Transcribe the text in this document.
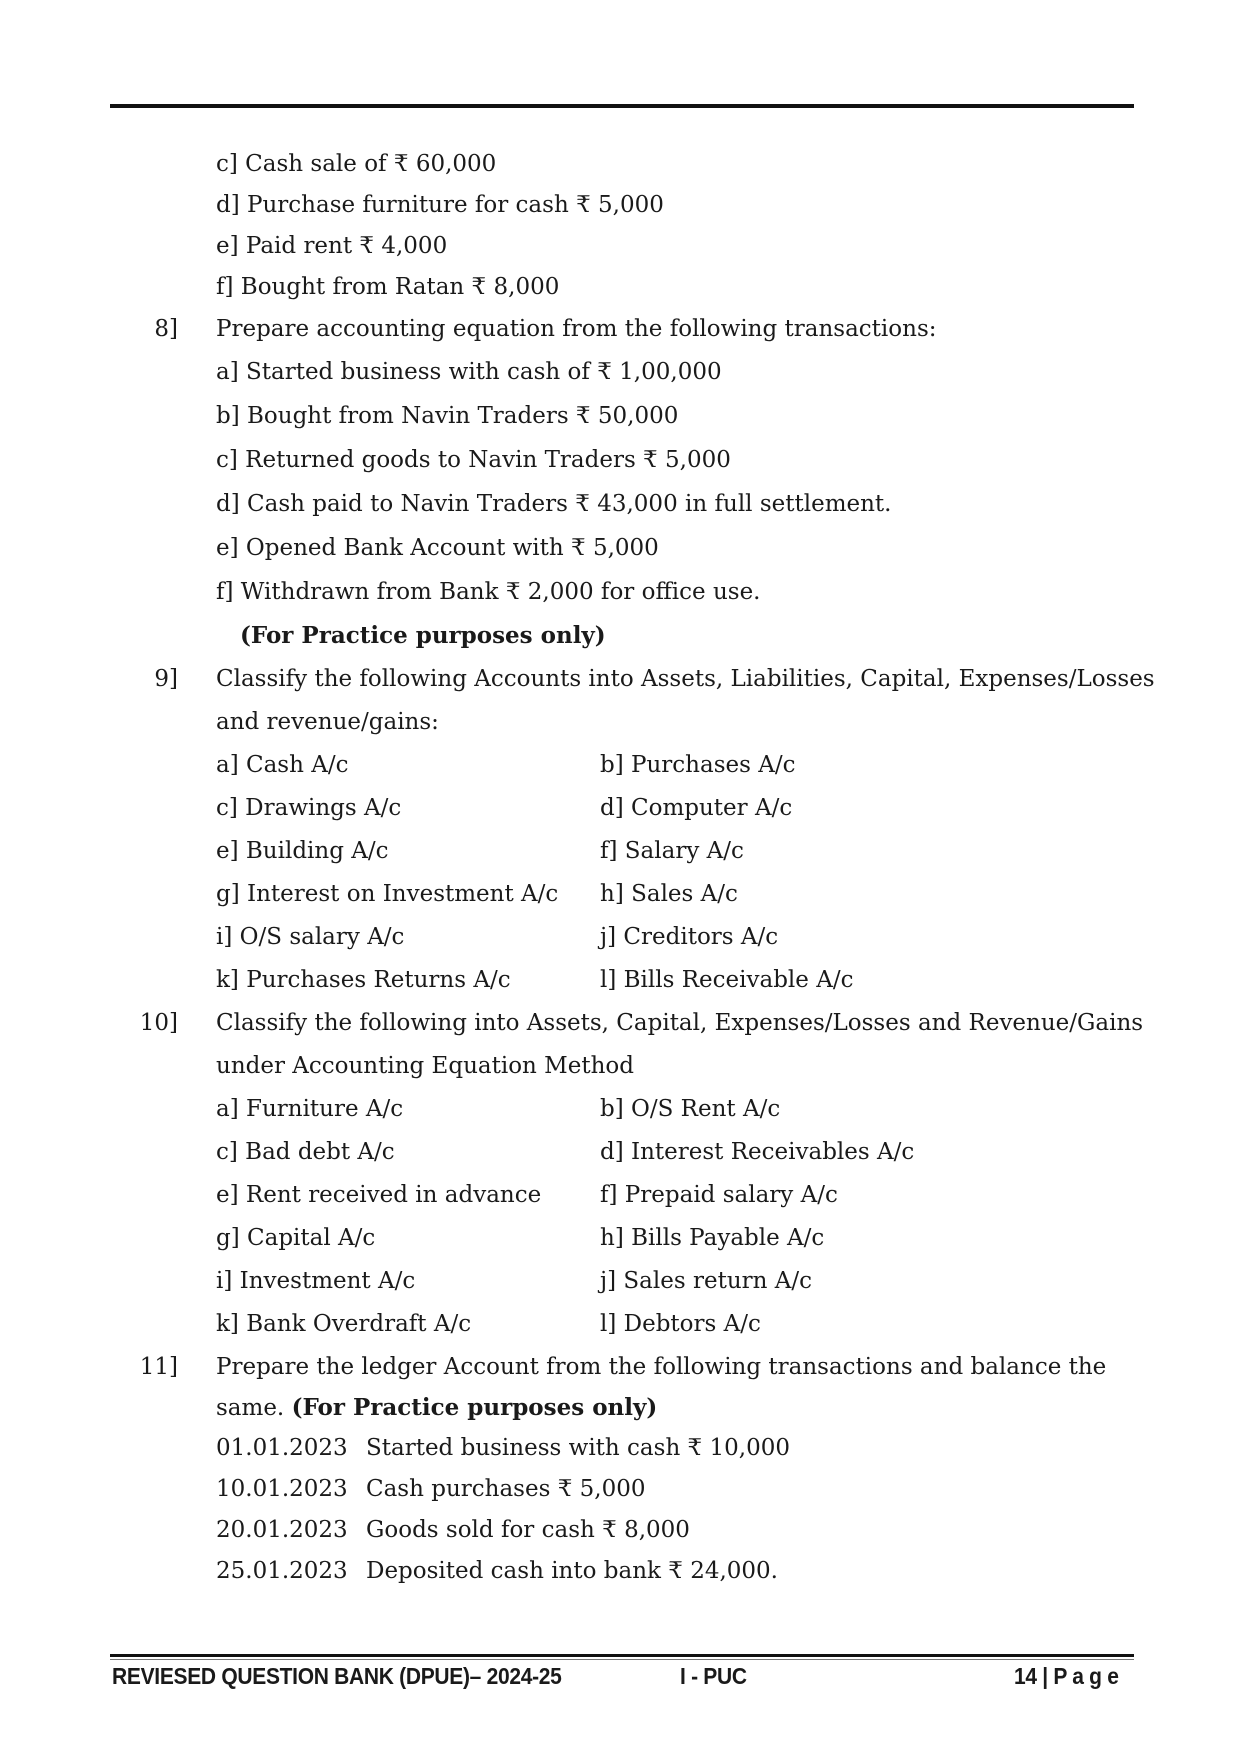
c] Cash sale of ₹ 60,000
d] Purchase furniture for cash ₹ 5,000
e] Paid rent ₹ 4,000
f] Bought from Ratan ₹ 8,000
8] Prepare accounting equation from the following transactions:
a] Started business with cash of ₹ 1,00,000
b] Bought from Navin Traders ₹ 50,000
c] Returned goods to Navin Traders ₹ 5,000
d] Cash paid to Navin Traders ₹ 43,000 in full settlement.
e] Opened Bank Account with ₹ 5,000
f] Withdrawn from Bank ₹ 2,000 for office use.
(For Practice purposes only)
9] Classify the following Accounts into Assets, Liabilities, Capital, Expenses/Losses
and revenue/gains:
a] Cash A/c	b] Purchases A/c
c] Drawings A/c	d] Computer A/c
e] Building A/c	f] Salary A/c
g] Interest on Investment A/c h] Sales A/c
i] O/S salary A/c	j] Creditors A/c
k] Purchases Returns A/c	l] Bills Receivable A/c
10] Classify the following into Assets, Capital, Expenses/Losses and Revenue/Gains
under Accounting Equation Method
a] Furniture A/c	b] O/S Rent A/c
c] Bad debt A/c	d] Interest Receivables A/c
e] Rent received in advance	f] Prepaid salary A/c
g] Capital A/c	h] Bills Payable A/c
i] Investment A/c	j] Sales return A/c
k] Bank Overdraft A/c	l] Debtors A/c
11] Prepare the ledger Account from the following transactions and balance the
same. (For Practice purposes only)
01.01.2023 Started business with cash ₹ 10,000
10.01.2023 Cash purchases ₹ 5,000
20.01.2023 Goods sold for cash ₹ 8,000
25.01.2023 Deposited cash into bank ₹ 24,000.
REVIESED QUESTION BANK (DPUE)– 2024-25	I - PUC	14 | P a g e
